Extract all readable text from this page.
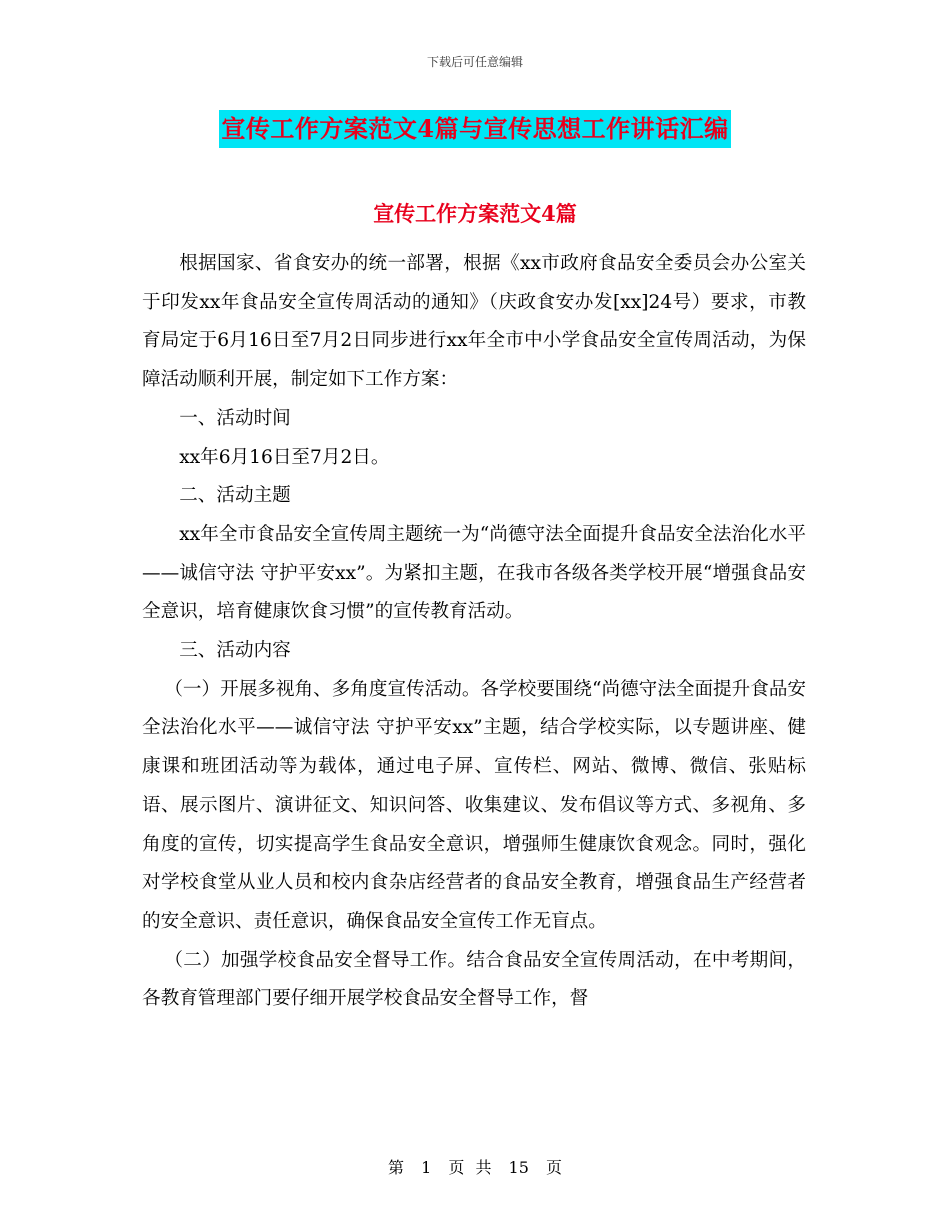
下载后可任意编辑
宣传工作方案范文4篇与宣传思想工作讲话汇编
宣传工作方案范文4篇

根据国家、省食安办的统一部署，根据《xx市政府食品安全委员会办公室关于印发xx年食品安全宣传周活动的通知》（庆政食安办发[xx]24号）要求，市教育局定于6月16日至7月2日同步进行xx年全市中小学食品安全宣传周活动，为保障活动顺利开展，制定如下工作方案：

一、活动时间

xx年6月16日至7月2日。

二、活动主题

xx年全市食品安全宣传周主题统一为“尚德守法全面提升食品安全法治化水平——诚信守法 守护平安xx”。为紧扣主题，在我市各级各类学校开展“增强食品安全意识，培育健康饮食习惯”的宣传教育活动。

三、活动内容

（一）开展多视角、多角度宣传活动。各学校要围绕“尚德守法全面提升食品安全法治化水平——诚信守法 守护平安xx”主题，结合学校实际，以专题讲座、健康课和班团活动等为载体，通过电子屏、宣传栏、网站、微博、微信、张贴标语、展示图片、演讲征文、知识问答、收集建议、发布倡议等方式、多视角、多角度的宣传，切实提高学生食品安全意识，增强师生健康饮食观念。同时，强化对学校食堂从业人员和校内食杂店经营者的食品安全教育，增强食品生产经营者的安全意识、责任意识，确保食品安全宣传工作无盲点。

（二）加强学校食品安全督导工作。结合食品安全宣传周活动，在中考期间，各教育管理部门要仔细开展学校食品安全督导工作，督

第 1 页 共 15 页
